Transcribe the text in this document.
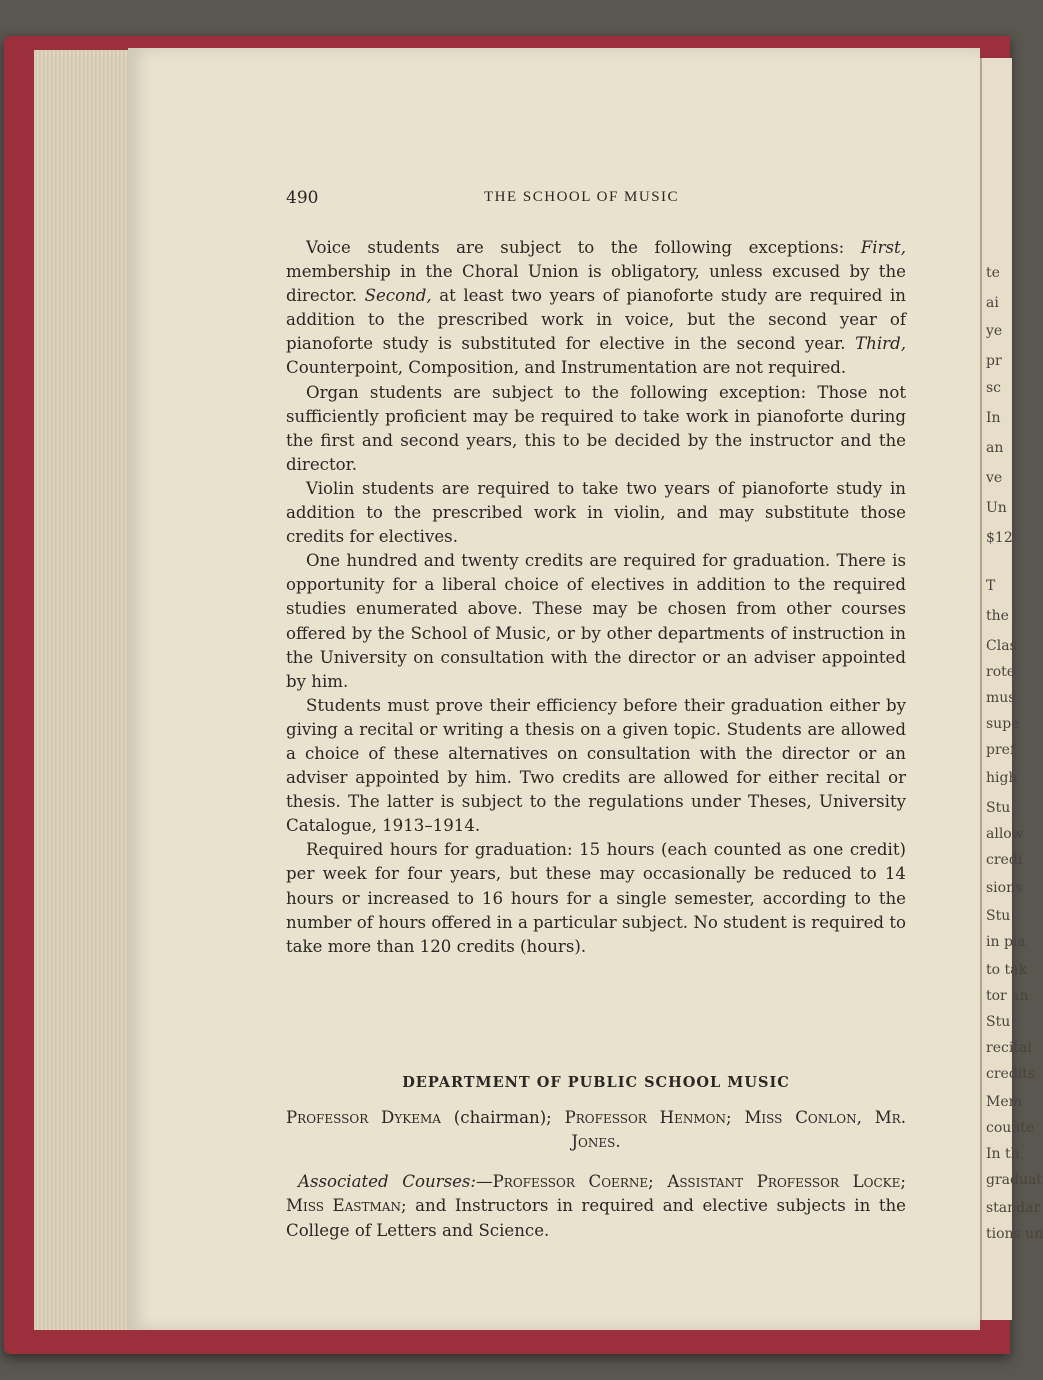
te
ai
ye
pr
sc
In
an
ve
Un
$12
T
the
Clas
rote
mus
supe
pref
high
Stu
allow
credi
sions
Stu
in pia
to tak
tor an
Stu
recital
credits
Mem
counte
In th
graduat
standar
tions un
490	THE SCHOOL OF MUSIC

Voice students are subject to the following exceptions: First, membership in the Choral Union is obligatory, unless excused by the director. Second, at least two years of pianoforte study are required in addition to the prescribed work in voice, but the second year of pianoforte study is substituted for elective in the second year. Third, Counterpoint, Composition, and Instrumentation are not required.

Organ students are subject to the following exception: Those not sufficiently proficient may be required to take work in pianoforte during the first and second years, this to be decided by the instructor and the director.

Violin students are required to take two years of pianoforte study in addition to the prescribed work in violin, and may substitute those credits for electives.

One hundred and twenty credits are required for graduation. There is opportunity for a liberal choice of electives in addition to the required studies enumerated above. These may be chosen from other courses offered by the School of Music, or by other departments of instruction in the University on consultation with the director or an adviser appointed by him.

Students must prove their efficiency before their graduation either by giving a recital or writing a thesis on a given topic. Students are allowed a choice of these alternatives on consultation with the director or an adviser appointed by him. Two credits are allowed for either recital or thesis. The latter is subject to the regulations under Theses, University Catalogue, 1913–1914.

Required hours for graduation: 15 hours (each counted as one credit) per week for four years, but these may occasionally be reduced to 14 hours or increased to 16 hours for a single semester, according to the number of hours offered in a particular subject. No student is required to take more than 120 credits (hours).

DEPARTMENT OF PUBLIC SCHOOL MUSIC
Professor Dykema (chairman); Professor Henmon; Miss Conlon, Mr. Jones.
Associated Courses:—Professor Coerne; Assistant Professor Locke; Miss Eastman; and Instructors in required and elective subjects in the College of Letters and Science.
